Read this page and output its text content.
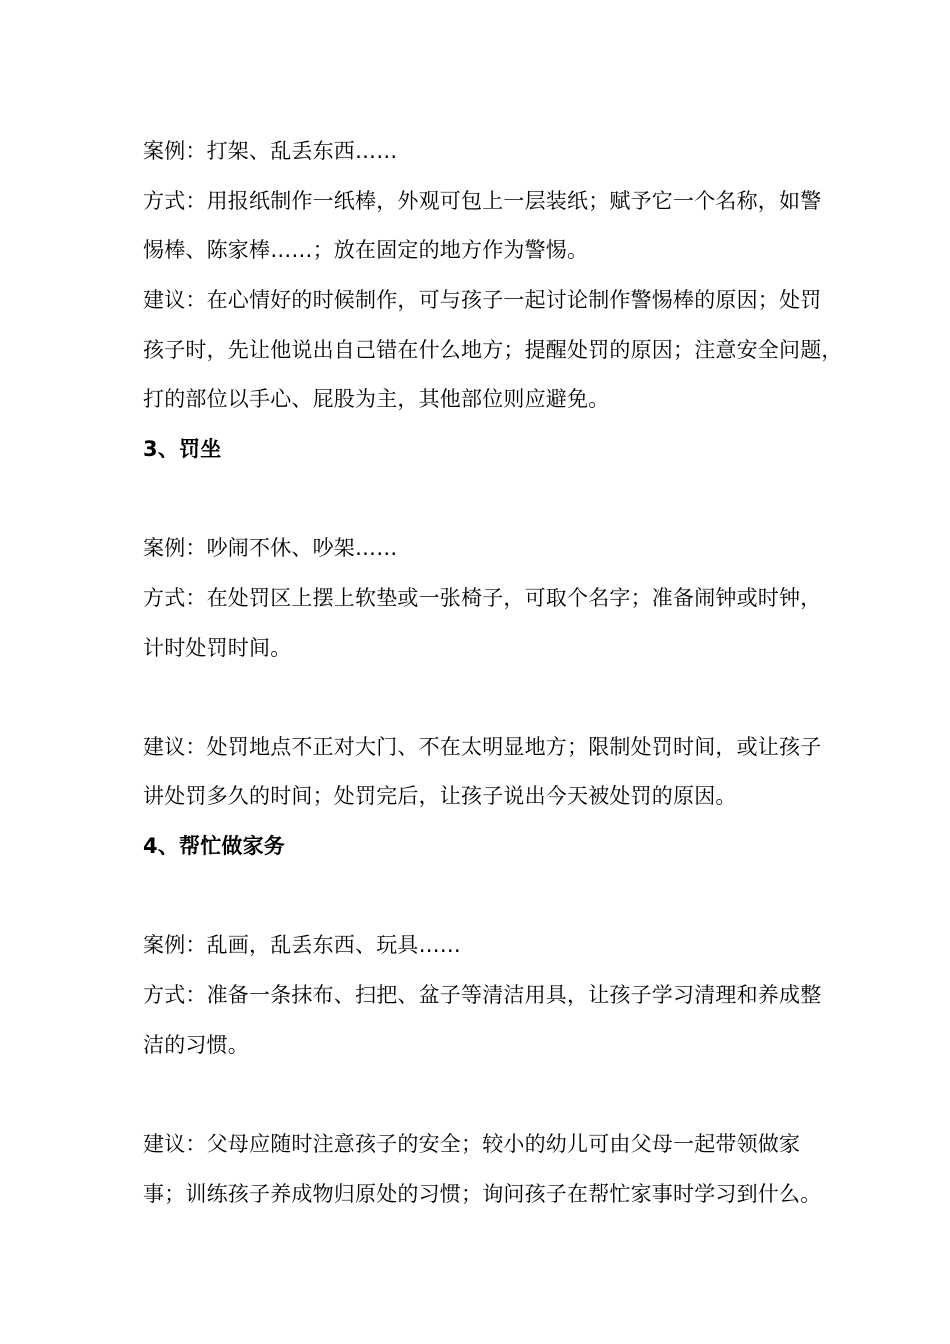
案例：打架、乱丢东西……
方式：用报纸制作一纸棒，外观可包上一层装纸；赋予它一个名称，如警
惕棒、陈家棒……；放在固定的地方作为警惕。
建议：在心情好的时候制作，可与孩子一起讨论制作警惕棒的原因；处罚
孩子时，先让他说出自己错在什么地方；提醒处罚的原因；注意安全问题，
打的部位以手心、屁股为主，其他部位则应避免。
3、罚坐
案例：吵闹不休、吵架……
方式：在处罚区上摆上软垫或一张椅子，可取个名字；准备闹钟或时钟，
计时处罚时间。
建议：处罚地点不正对大门、不在太明显地方；限制处罚时间，或让孩子
讲处罚多久的时间；处罚完后，让孩子说出今天被处罚的原因。
4、帮忙做家务
案例：乱画，乱丢东西、玩具……
方式：准备一条抹布、扫把、盆子等清洁用具，让孩子学习清理和养成整
洁的习惯。
建议：父母应随时注意孩子的安全；较小的幼儿可由父母一起带领做家
事；训练孩子养成物归原处的习惯；询问孩子在帮忙家事时学习到什么。
